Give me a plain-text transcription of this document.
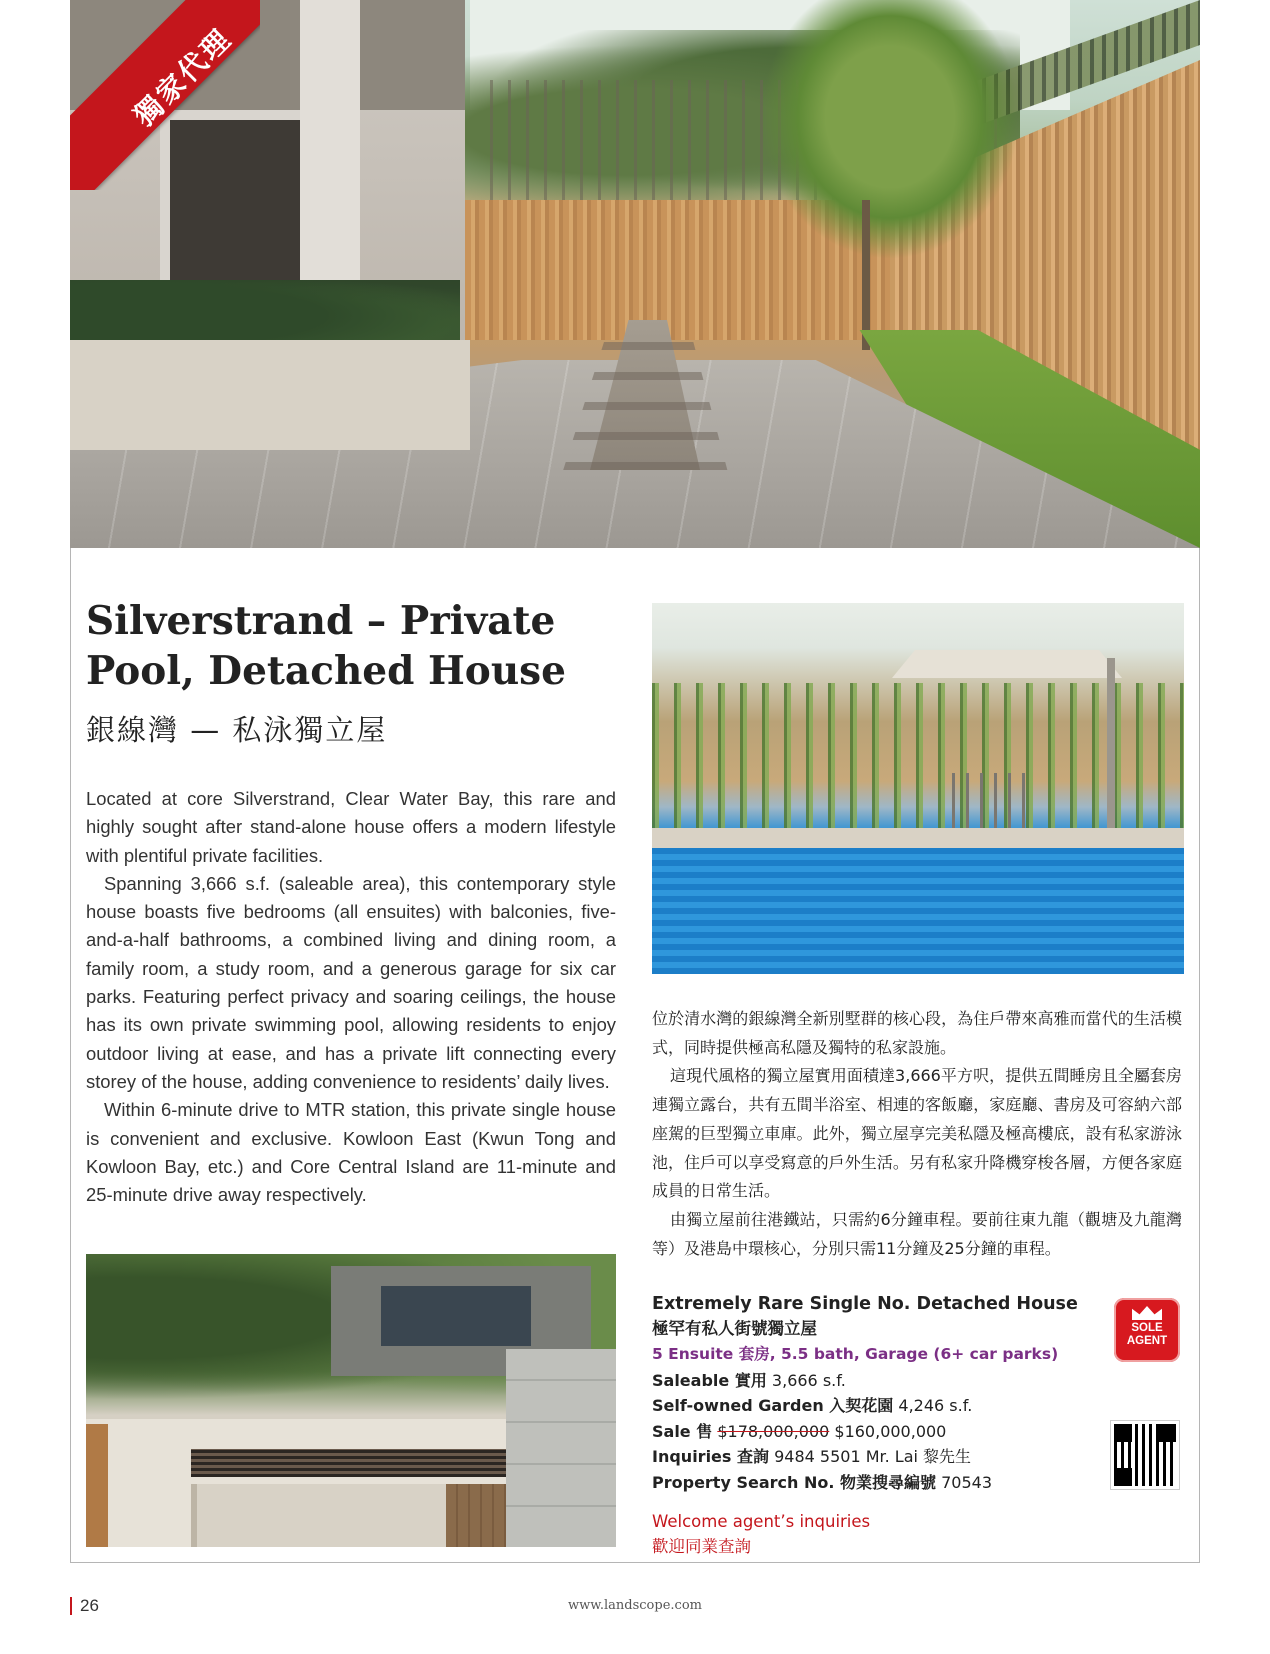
獨家代理
Silverstrand – Private Pool, Detached House
銀線灣 — 私泳獨立屋

Located at core Silverstrand, Clear Water Bay, this rare and highly sought after stand-alone house offers a modern lifestyle with plentiful private facilities.

Spanning 3,666 s.f. (saleable area), this contemporary style house boasts five bedrooms (all ensuites) with balconies, five-and-a-half bathrooms, a combined living and dining room, a family room, a study room, and a generous garage for six car parks. Featuring perfect privacy and soaring ceilings, the house has its own private swimming pool, allowing residents to enjoy outdoor living at ease, and has a private lift connecting every storey of the house, adding convenience to residents’ daily lives.

Within 6-minute drive to MTR station, this private single house is convenient and exclusive. Kowloon East (Kwun Tong and Kowloon Bay, etc.) and Core Central Island are 11-minute and 25-minute drive away respectively.

位於清水灣的銀線灣全新別墅群的核心段，為住戶帶來高雅而當代的生活模式，同時提供極高私隱及獨特的私家設施。

這現代風格的獨立屋實用面積達3,666平方呎，提供五間睡房且全屬套房連獨立露台，共有五間半浴室、相連的客飯廳，家庭廳、書房及可容納六部座駕的巨型獨立車庫。此外，獨立屋享完美私隱及極高樓底，設有私家游泳池，住戶可以享受寫意的戶外生活。另有私家升降機穿梭各層，方便各家庭成員的日常生活。

由獨立屋前往港鐵站，只需約6分鐘車程。要前往東九龍（觀塘及九龍灣等）及港島中環核心，分別只需11分鐘及25分鐘的車程。

Extremely Rare Single No. Detached House
極罕有私人街號獨立屋
5 Ensuite 套房, 5.5 bath, Garage (6+ car parks)
Saleable 實用 3,666 s.f.
Self-owned Garden 入契花園 4,246 s.f.
Sale 售 $178,000,000 $160,000,000
Inquiries 查詢 9484 5501 Mr. Lai 黎先生
Property Search No. 物業搜尋編號 70543
Welcome agent’s inquiries
歡迎同業查詢
SOLE
AGENT
26	www.landscope.com
